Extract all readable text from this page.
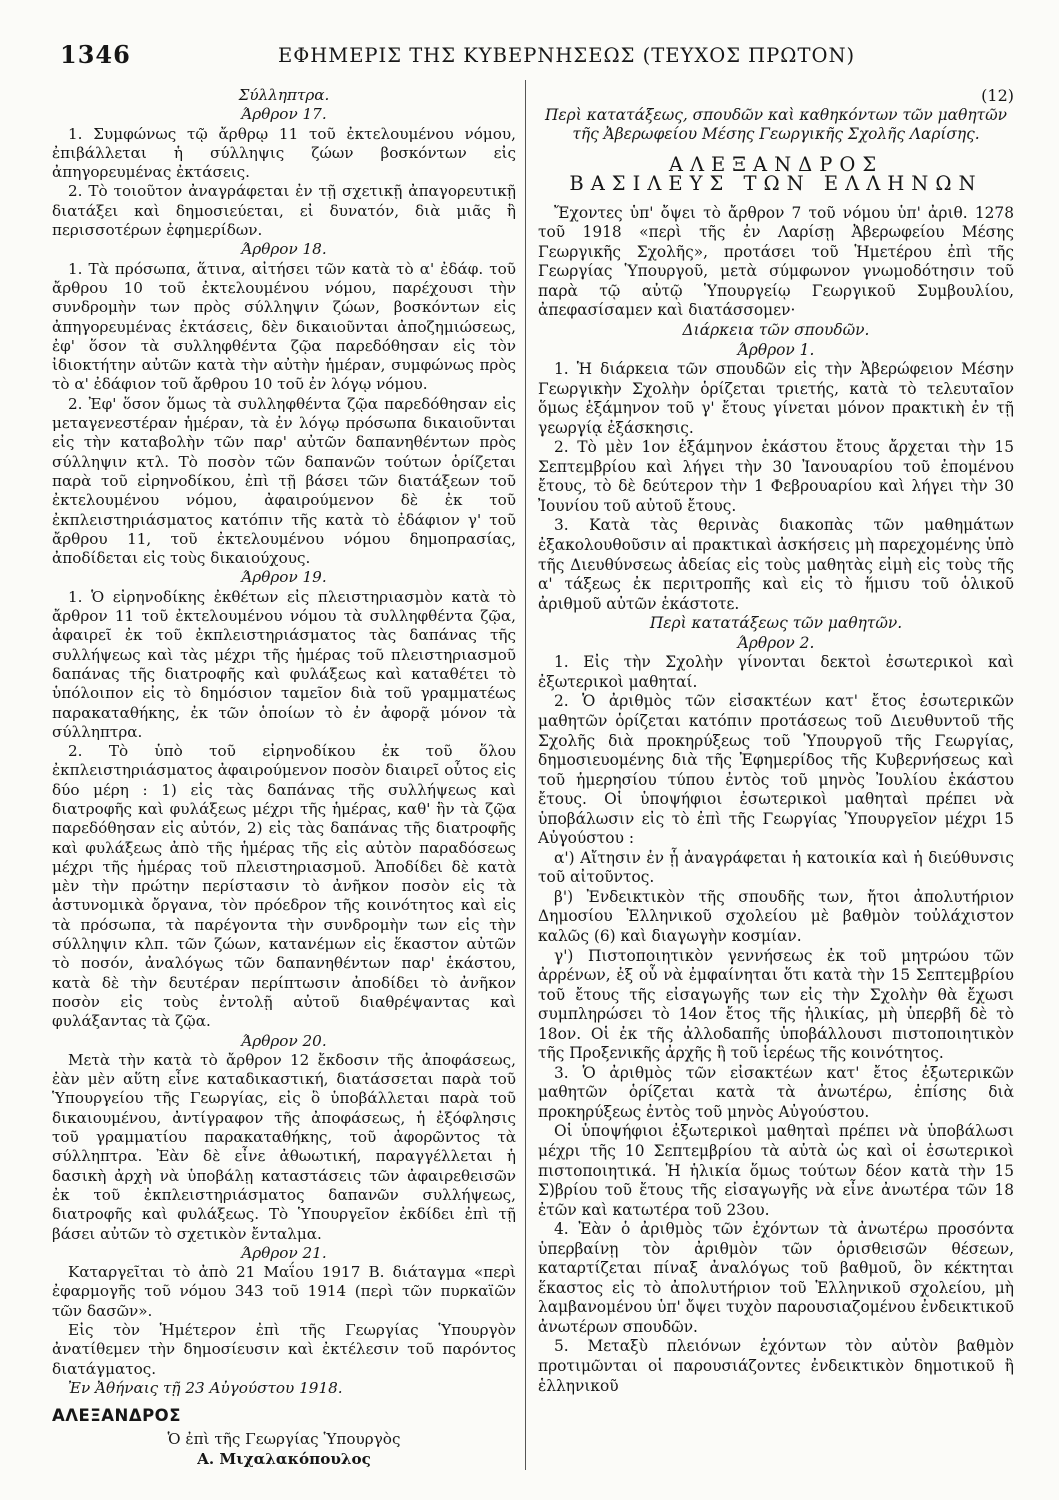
1346	ΕΦΗΜΕΡΙΣ ΤΗΣ ΚΥΒΕΡΝΗΣΕΩΣ (ΤΕΥΧΟΣ ΠΡΩΤΟΝ)

Σύλληπτρα.

Άρθρον 17.

1. Συμφώνως τῷ ἄρθρῳ 11 τοῦ ἐκτελουμένου νόμου, ἐπιβάλλεται ἡ σύλληψις ζώων βοσκόντων εἰς ἀπηγορευμένας ἐκτάσεις.

2. Τὸ τοιοῦτον ἀναγράφεται ἐν τῇ σχετικῇ ἀπαγορευτικῇ διατάξει καὶ δημοσιεύεται, εἰ δυνατόν, διὰ μιᾶς ἢ περισσοτέρων ἐφημερίδων.

Άρθρον 18.

1. Τὰ πρόσωπα, ἅτινα, αἰτήσει τῶν κατὰ τὸ α' ἐδάφ. τοῦ ἄρθρου 10 τοῦ ἐκτελουμένου νόμου, παρέχουσι τὴν συνδρομὴν των πρὸς σύλληψιν ζώων, βοσκόντων εἰς ἀπηγορευμένας ἐκτάσεις, δὲν δικαιοῦνται ἀποζημιώσεως, ἐφ' ὅσον τὰ συλληφθέντα ζῷα παρεδόθησαν εἰς τὸν ἰδιοκτήτην αὐτῶν κατὰ τὴν αὐτὴν ἡμέραν, συμφώνως πρὸς τὸ α' ἐδάφιον τοῦ ἄρθρου 10 τοῦ ἐν λόγῳ νόμου.

2. Ἐφ' ὅσον ὅμως τὰ συλληφθέντα ζῷα παρεδόθησαν εἰς μεταγενεστέραν ἡμέραν, τὰ ἐν λόγῳ πρόσωπα δικαιοῦνται εἰς τὴν καταβολὴν τῶν παρ' αὐτῶν δαπανηθέντων πρὸς σύλληψιν κτλ. Τὸ ποσὸν τῶν δαπανῶν τούτων ὁρίζεται παρὰ τοῦ εἰρηνοδίκου, ἐπὶ τῇ βάσει τῶν διατάξεων τοῦ ἐκτελουμένου νόμου, ἀφαιρούμενον δὲ ἐκ τοῦ ἐκπλειστηριάσματος κατόπιν τῆς κατὰ τὸ ἐδάφιον γ' τοῦ ἄρθρου 11, τοῦ ἐκτελουμένου νόμου δημοπρασίας, ἀποδίδεται εἰς τοὺς δικαιούχους.

Άρθρον 19.

1. Ὁ εἰρηνοδίκης ἐκθέτων εἰς πλειστηριασμὸν κατὰ τὸ ἄρθρον 11 τοῦ ἐκτελουμένου νόμου τὰ συλληφθέντα ζῷα, ἀφαιρεῖ ἐκ τοῦ ἐκπλειστηριάσματος τὰς δαπάνας τῆς συλλήψεως καὶ τὰς μέχρι τῆς ἡμέρας τοῦ πλειστηριασμοῦ δαπάνας τῆς διατροφῆς καὶ φυλάξεως καὶ καταθέτει τὸ ὑπόλοιπον εἰς τὸ δημόσιον ταμεῖον διὰ τοῦ γραμματέως παρακαταθήκης, ἐκ τῶν ὁποίων τὸ ἐν ἀφορᾷ μόνον τὰ σύλληπτρα.

2. Τὸ ὑπὸ τοῦ εἰρηνοδίκου ἐκ τοῦ ὅλου ἐκπλειστηριάσματος ἀφαιρούμενον ποσὸν διαιρεῖ οὗτος εἰς δύο μέρη : 1) εἰς τὰς δαπάνας τῆς συλλήψεως καὶ διατροφῆς καὶ φυλάξεως μέχρι τῆς ἡμέρας, καθ' ἣν τὰ ζῷα παρεδόθησαν εἰς αὐτόν, 2) εἰς τὰς δαπάνας τῆς διατροφῆς καὶ φυλάξεως ἀπὸ τῆς ἡμέρας τῆς εἰς αὐτὸν παραδόσεως μέχρι τῆς ἡμέρας τοῦ πλειστηριασμοῦ. Ἀποδίδει δὲ κατὰ μὲν τὴν πρώτην περίστασιν τὸ ἀνῆκον ποσὸν εἰς τὰ ἀστυνομικὰ ὄργανα, τὸν πρόεδρον τῆς κοινότητος καὶ εἰς τὰ πρόσωπα, τὰ παρέγοντα τὴν συνδρομὴν των εἰς τὴν σύλληψιν κλπ. τῶν ζώων, κατανέμων εἰς ἕκαστον αὐτῶν τὸ ποσόν, ἀναλόγως τῶν δαπανηθέντων παρ' ἑκάστου, κατὰ δὲ τὴν δευτέραν περίπτωσιν ἀποδίδει τὸ ἀνῆκον ποσὸν εἰς τοὺς ἐντολῇ αὐτοῦ διαθρέψαντας καὶ φυλάξαντας τὰ ζῷα.

Άρθρον 20.

Μετὰ τὴν κατὰ τὸ ἄρθρον 12 ἔκδοσιν τῆς ἀποφάσεως, ἐὰν μὲν αὕτη εἶνε καταδικαστική, διατάσσεται παρὰ τοῦ Ὑπουργείου τῆς Γεωργίας, εἰς ὃ ὑποβάλλεται παρὰ τοῦ δικαιουμένου, ἀντίγραφον τῆς ἀποφάσεως, ἡ ἐξόφλησις τοῦ γραμματίου παρακαταθήκης, τοῦ ἀφορῶντος τὰ σύλληπτρα. Ἐὰν δὲ εἶνε ἀθωωτική, παραγγέλλεται ἡ δασικὴ ἀρχὴ νὰ ὑποβάλῃ καταστάσεις τῶν ἀφαιρεθεισῶν ἐκ τοῦ ἐκπλειστηριάσματος δαπανῶν συλλήψεως, διατροφῆς καὶ φυλάξεως. Τὸ Ὑπουργεῖον ἐκδίδει ἐπὶ τῇ βάσει αὐτῶν τὸ σχετικὸν ἔνταλμα.

Άρθρον 21.

Καταργεῖται τὸ ἀπὸ 21 Μαΐου 1917 Β. διάταγμα «περὶ ἐφαρμογῆς τοῦ νόμου 343 τοῦ 1914 (περὶ τῶν πυρκαϊῶν τῶν δασῶν».

Εἰς τὸν Ἡμέτερον ἐπὶ τῆς Γεωργίας Ὑπουργὸν ἀνατίθεμεν τὴν δημοσίευσιν καὶ ἐκτέλεσιν τοῦ παρόντος διατάγματος.

Ἐν Ἀθήναις τῇ 23 Αὐγούστου 1918.

ΑΛΕΞΑΝΔΡΟΣ

Ὁ ἐπὶ τῆς Γεωργίας Ὑπουργὸς

Α. Μιχαλακόπουλος

(12)

Περὶ κατατάξεως, σπουδῶν καὶ καθηκόντων τῶν μαθητῶν τῆς Ἀβερωφείου Μέσης Γεωργικῆς Σχολῆς Λαρίσης.

ΑΛΕΞΑΝΔΡΟΣ

ΒΑΣΙΛΕΥΣ ΤΩΝ ΕΛΛΗΝΩΝ

Ἔχοντες ὑπ' ὄψει τὸ ἄρθρον 7 τοῦ νόμου ὑπ' ἀριθ. 1278 τοῦ 1918 «περὶ τῆς ἐν Λαρίσῃ Ἀβερωφείου Μέσης Γεωργικῆς Σχολῆς», προτάσει τοῦ Ἡμετέρου ἐπὶ τῆς Γεωργίας Ὑπουργοῦ, μετὰ σύμφωνον γνωμοδότησιν τοῦ παρὰ τῷ αὐτῷ Ὑπουργείῳ Γεωργικοῦ Συμβουλίου, ἀπεφασίσαμεν καὶ διατάσσομεν·

Διάρκεια τῶν σπουδῶν.

Άρθρον 1.

1. Ἡ διάρκεια τῶν σπουδῶν εἰς τὴν Ἀβερώφειον Μέσην Γεωργικὴν Σχολὴν ὁρίζεται τριετής, κατὰ τὸ τελευταῖον ὅμως ἑξάμηνον τοῦ γ' ἔτους γίνεται μόνον πρακτικὴ ἐν τῇ γεωργίᾳ ἐξάσκησις.

2. Τὸ μὲν 1ον ἑξάμηνον ἑκάστου ἔτους ἄρχεται τὴν 15 Σεπτεμβρίου καὶ λήγει τὴν 30 Ἰανουαρίου τοῦ ἐπομένου ἔτους, τὸ δὲ δεύτερον τὴν 1 Φεβρουαρίου καὶ λήγει τὴν 30 Ἰουνίου τοῦ αὐτοῦ ἔτους.

3. Κατὰ τὰς θερινὰς διακοπὰς τῶν μαθημάτων ἐξακολουθοῦσιν αἱ πρακτικαὶ ἀσκήσεις μὴ παρεχομένης ὑπὸ τῆς Διευθύνσεως ἀδείας εἰς τοὺς μαθητὰς εἰμὴ εἰς τοὺς τῆς α' τάξεως ἐκ περιτροπῆς καὶ εἰς τὸ ἥμισυ τοῦ ὁλικοῦ ἀριθμοῦ αὐτῶν ἑκάστοτε.

Περὶ κατατάξεως τῶν μαθητῶν.

Άρθρον 2.

1. Εἰς τὴν Σχολὴν γίνονται δεκτοὶ ἐσωτερικοὶ καὶ ἐξωτερικοὶ μαθηταί.

2. Ὁ ἀριθμὸς τῶν εἰσακτέων κατ' ἔτος ἐσωτερικῶν μαθητῶν ὁρίζεται κατόπιν προτάσεως τοῦ Διευθυντοῦ τῆς Σχολῆς διὰ προκηρύξεως τοῦ Ὑπουργοῦ τῆς Γεωργίας, δημοσιευομένης διὰ τῆς Ἐφημερίδος τῆς Κυβερνήσεως καὶ τοῦ ἡμερησίου τύπου ἐντὸς τοῦ μηνὸς Ἰουλίου ἑκάστου ἔτους. Οἱ ὑποψήφιοι ἐσωτερικοὶ μαθηταὶ πρέπει νὰ ὑποβάλωσιν εἰς τὸ ἐπὶ τῆς Γεωργίας Ὑπουργεῖον μέχρι 15 Αὐγούστου :

α') Αἴτησιν ἐν ᾗ ἀναγράφεται ἡ κατοικία καὶ ἡ διεύθυνσις τοῦ αἰτοῦντος.

β') Ἐνδεικτικὸν τῆς σπουδῆς των, ἤτοι ἀπολυτήριον Δημοσίου Ἑλληνικοῦ σχολείου μὲ βαθμὸν τοὐλάχιστον καλῶς (6) καὶ διαγωγὴν κοσμίαν.

γ') Πιστοποιητικὸν γεννήσεως ἐκ τοῦ μητρώου τῶν ἀρρένων, ἐξ οὗ νὰ ἐμφαίνηται ὅτι κατὰ τὴν 15 Σεπτεμβρίου τοῦ ἔτους τῆς εἰσαγωγῆς των εἰς τὴν Σχολὴν θὰ ἔχωσι συμπληρώσει τὸ 14ον ἔτος τῆς ἡλικίας, μὴ ὑπερβῆ δὲ τὸ 18ον. Οἱ ἐκ τῆς ἀλλοδαπῆς ὑποβάλλουσι πιστοποιητικὸν τῆς Προξενικῆς ἀρχῆς ἢ τοῦ ἱερέως τῆς κοινότητος.

3. Ὁ ἀριθμὸς τῶν εἰσακτέων κατ' ἔτος ἐξωτερικῶν μαθητῶν ὁρίζεται κατὰ τὰ ἀνωτέρω, ἐπίσης διὰ προκηρύξεως ἐντὸς τοῦ μηνὸς Αὐγούστου.

Οἱ ὑποψήφιοι ἐξωτερικοὶ μαθηταὶ πρέπει νὰ ὑποβάλωσι μέχρι τῆς 10 Σεπτεμβρίου τὰ αὐτὰ ὡς καὶ οἱ ἐσωτερικοὶ πιστοποιητικά. Ἡ ἡλικία ὅμως τούτων δέον κατὰ τὴν 15 Σ)βρίου τοῦ ἔτους τῆς εἰσαγωγῆς νὰ εἶνε ἀνωτέρα τῶν 18 ἐτῶν καὶ κατωτέρα τοῦ 23ου.

4. Ἐὰν ὁ ἀριθμὸς τῶν ἐχόντων τὰ ἀνωτέρω προσόντα ὑπερβαίνῃ τὸν ἀριθμὸν τῶν ὁρισθεισῶν θέσεων, καταρτίζεται πίναξ ἀναλόγως τοῦ βαθμοῦ, ὃν κέκτηται ἕκαστος εἰς τὸ ἀπολυτήριον τοῦ Ἑλληνικοῦ σχολείου, μὴ λαμβανομένου ὑπ' ὄψει τυχὸν παρουσιαζομένου ἐνδεικτικοῦ ἀνωτέρων σπουδῶν.

5. Μεταξὺ πλειόνων ἐχόντων τὸν αὐτὸν βαθμὸν προτιμῶνται οἱ παρουσιάζοντες ἐνδεικτικὸν δημοτικοῦ ἢ ἑλληνικοῦ
